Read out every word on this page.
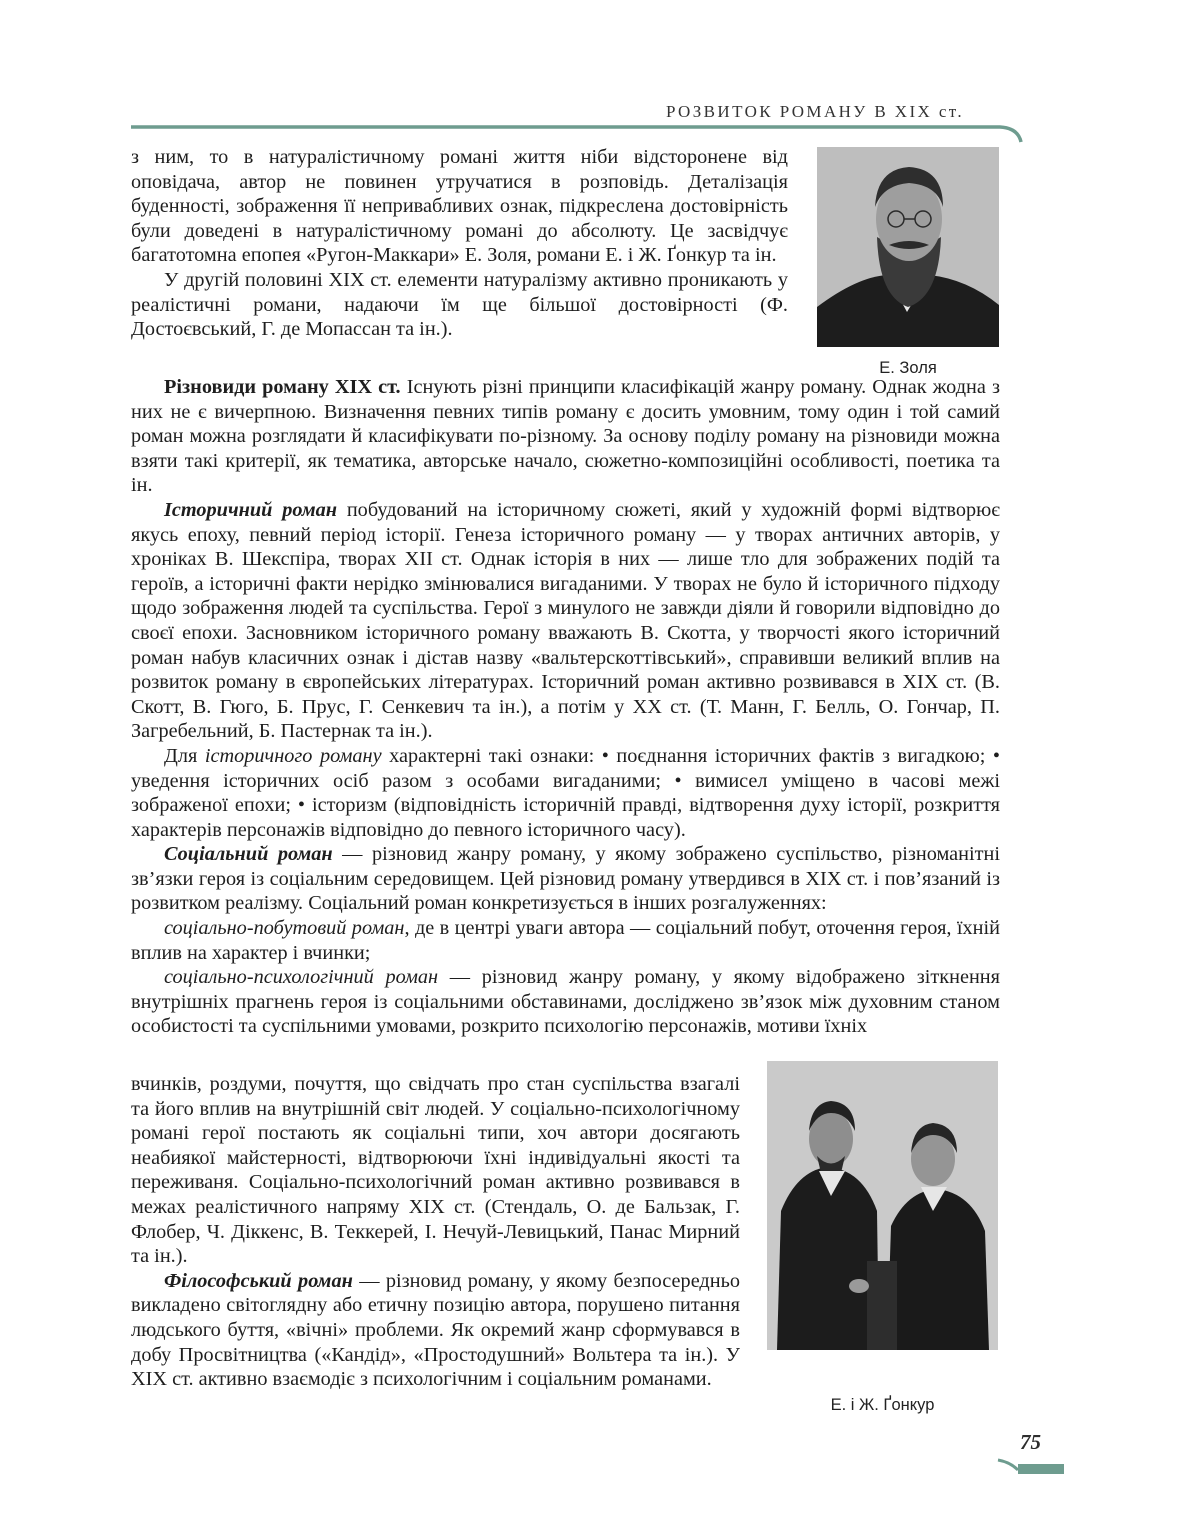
РОЗВИТОК РОМАНУ В ХІХ ст.
Е. Золя
Е. і Ж. Ґонкур

з ним, то в натуралістичному романі життя ніби відсторонене від оповідача, автор не повинен утручатися в розповідь. Деталізація буденності, зображення її непривабливих ознак, підкреслена достовірність були доведені в натуралістичному романі до абсолюту. Це засвідчує багатотомна епопея «Ругон-Маккари» Е. Золя, романи Е. і Ж. Ґонкур та ін.

У другій половині ХІХ ст. елементи натуралізму активно проникають у реалістичні романи, надаючи їм ще більшої достовірності (Ф. Достоєвський, Г. де Мопассан та ін.).

Різновиди роману ХІХ ст. Існують різні принципи класифікацій жанру роману. Однак жодна з них не є вичерпною. Визначення певних типів роману є досить умовним, тому один і той самий роман можна розглядати й класифікувати по-різному. За основу поділу роману на різновиди можна взяти такі критерії, як тематика, авторське начало, сюжетно-композиційні особливості, поетика та ін.

Історичний роман побудований на історичному сюжеті, який у художній формі відтворює якусь епоху, певний період історії. Генеза історичного роману — у творах античних авторів, у хроніках В. Шекспіра, творах ХІІ ст. Однак історія в них — лише тло для зображених подій та героїв, а історичні факти нерідко змінювалися вигаданими. У творах не було й історичного підходу щодо зображення людей та суспільства. Герої з минулого не завжди діяли й говорили відповідно до своєї епохи. Засновником історичного роману вважають В. Скотта, у творчості якого історичний роман набув класичних ознак і дістав назву «вальтерскоттівський», справивши великий вплив на розвиток роману в європейських літературах. Історичний роман активно розвивався в ХІХ ст. (В. Скотт, В. Гюго, Б. Прус, Г. Сенкевич та ін.), а потім у ХХ ст. (Т. Манн, Г. Белль, О. Гончар, П. Загребельний, Б. Пастернак та ін.).

Для історичного роману характерні такі ознаки: • поєднання історичних фактів з вигадкою; • уведення історичних осіб разом з особами вигаданими; • вимисел уміщено в часові межі зображеної епохи; • історизм (відповідність історичній правді, відтворення духу історії, розкриття характерів персонажів відповідно до певного історичного часу).

Соціальний роман — різновид жанру роману, у якому зображено суспільство, різноманітні зв’язки героя із соціальним середовищем. Цей різновид роману утвердився в ХІХ ст. і пов’язаний із розвитком реалізму. Соціальний роман конкретизується в інших розгалуженнях:

соціально-побутовий роман, де в центрі уваги автора — соціальний побут, оточення героя, їхній вплив на характер і вчинки;

соціально-психологічний роман — різновид жанру роману, у якому відображено зіткнення внутрішніх прагнень героя із соціальними обставинами, досліджено зв’язок між духовним станом особистості та суспільними умовами, розкрито психологію персонажів, мотиви їхніх

вчинків, роздуми, почуття, що свідчать про стан суспільства взагалі та його вплив на внутрішній світ людей. У соціально-психологічному романі герої постають як соціальні типи, хоч автори досягають неабиякої майстерності, відтворюючи їхні індивідуальні якості та переживаня. Соціально-психологічний роман активно розвивався в межах реалістичного напряму ХІХ ст. (Стендаль, О. де Бальзак, Г. Флобер, Ч. Діккенс, В. Теккерей, І. Нечуй-Левицький, Панас Мирний та ін.).

Філософський роман — різновид роману, у якому безпосередньо викладено світоглядну або етичну позицію автора, порушено питання людського буття, «вічні» проблеми. Як окремий жанр сформувався в добу Просвітництва («Кандід», «Простодушний» Вольтера та ін.). У ХІХ ст. активно взаємодіє з психологічним і соціальним романами.

75
